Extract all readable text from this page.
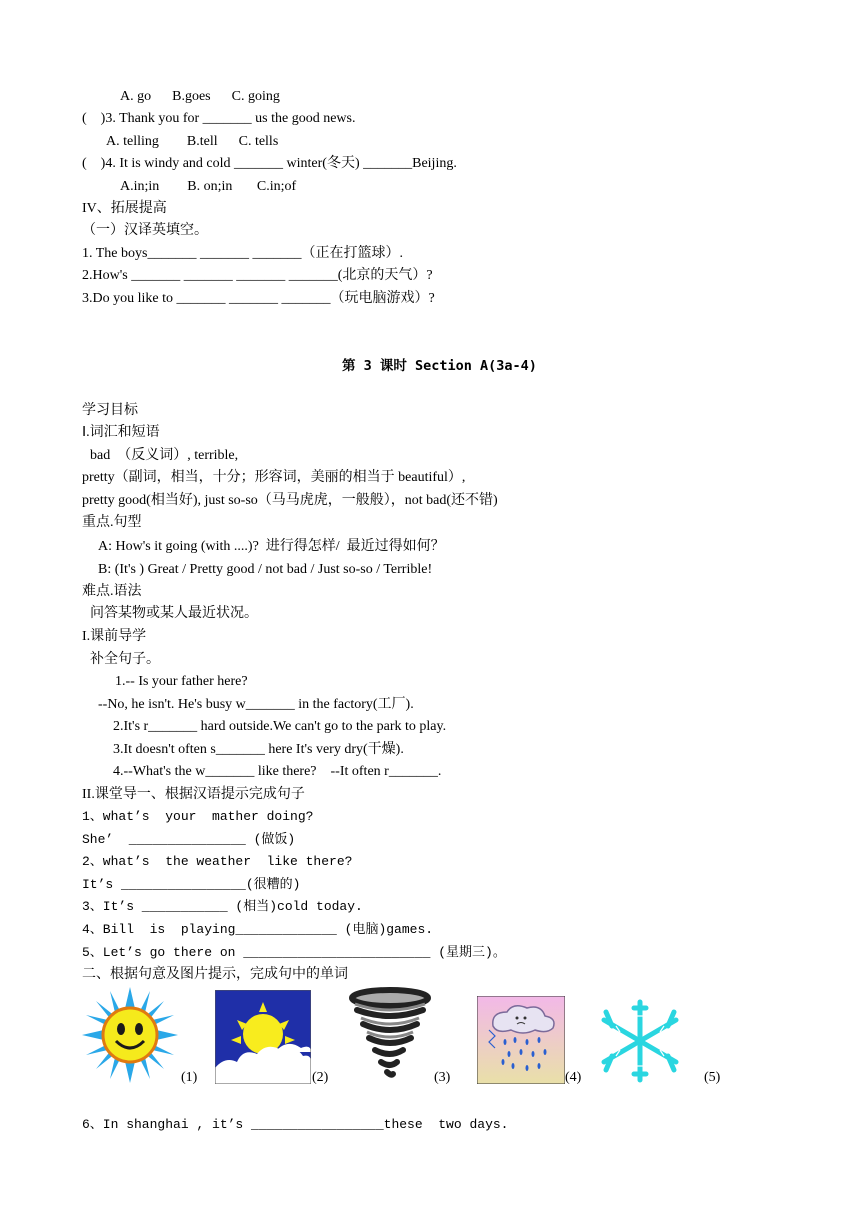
A. go      B.goes      C. going
(    )3. Thank you for _______ us the good news.
A. telling        B.tell      C. tells
(    )4. It is windy and cold _______ winter(冬天) _______Beijing.
A.in;in        B. on;in       C.in;of
IV、拓展提高
（一）汉译英填空。
1. The boys_______ _______ _______（正在打篮球）.
2.How's _______ _______ _______ _______(北京的天气）?
3.Do you like to _______ _______ _______（玩电脑游戏）?
第 3 课时 Section A(3a-4)
学习目标
Ⅰ.词汇和短语
bad  （反义词）, terrible,
pretty（副词，相当，十分；形容词，美丽的相当于 beautiful）,
pretty good(相当好), just so-so（马马虎虎，一般般），not bad(还不错)
重点.句型
A: How's it going (with ....)?  进行得怎样/  最近过得如何？
B: (It's ) Great / Pretty good / not bad / Just so-so / Terrible!
难点.语法
问答某物或某人最近状况。
I.课前导学
补全句子。
1.-- Is your father here?
--No, he isn't. He's busy w_______ in the factory(工厂).
2.It's r_______ hard outside.We can't go to the park to play.
3.It doesn't often s_______ here It's very dry(干燥).
4.--What's the w_______ like there?    --It often r_______.
II.课堂导一、根据汉语提示完成句子
1、what’s  your  mather doing?
She’  _______________ (做饭)
2、what’s  the weather  like there?
It’s ________________(很糟的)
3、It’s ___________ (相当)cold today.
4、Bill  is  playing_____________ (电脑)games.
5、Let’s go there on ________________________ (星期三)。
二、根据句意及图片提示，完成句中的单词
(1)	(2)	(3)	(4)	(5)
6、In shanghai , it’s _________________these  two days.
